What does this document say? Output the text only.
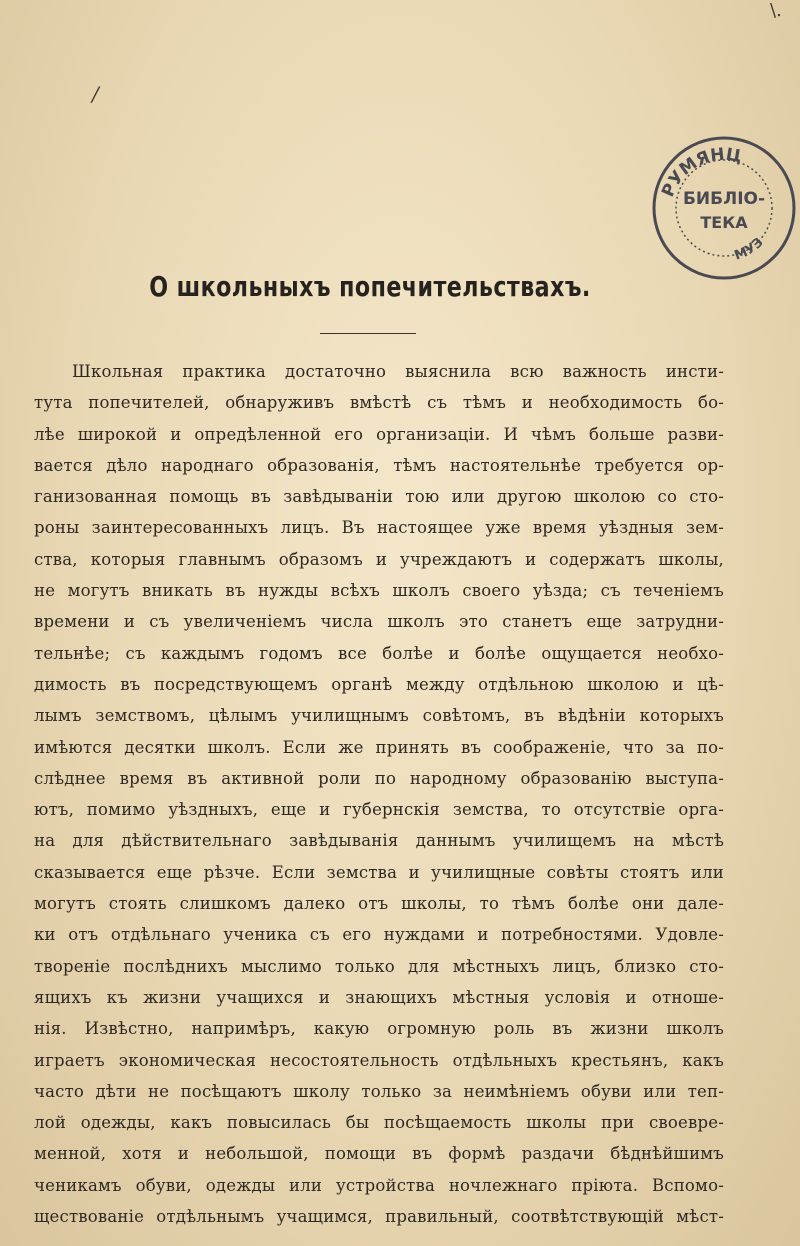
\.
/
РУМЯНЦ
МУЗ
БИБЛІО-
ТЕКА
О школьныхъ попечительствахъ.
Школьная практика достаточно выяснила всю важность инсти-
тута попечителей, обнаруживъ вмѣстѣ съ тѣмъ и необходимость бо-
лѣе широкой и опредѣленной его организаціи. И чѣмъ больше разви-
вается дѣло народнаго образованія, тѣмъ настоятельнѣе требуется ор-
ганизованная помощь въ завѣдываніи тою или другою школою со сто-
роны заинтересованныхъ лицъ. Въ настоящее уже время уѣздныя зем-
ства, которыя главнымъ образомъ и учреждаютъ и содержатъ школы,
не могутъ вникать въ нужды всѣхъ школъ своего уѣзда; съ теченіемъ
времени и съ увеличеніемъ числа школъ это станетъ еще затрудни-
тельнѣе; съ каждымъ годомъ все болѣе и болѣе ощущается необхо-
димость въ посредствующемъ органѣ между отдѣльною школою и цѣ-
лымъ земствомъ, цѣлымъ училищнымъ совѣтомъ, въ вѣдѣніи которыхъ
имѣются десятки школъ. Если же принять въ соображеніе, что за по-
слѣднее время въ активной роли по народному образованію выступа-
ютъ, помимо уѣздныхъ, еще и губернскія земства, то отсутствіе орга-
на для дѣйствительнаго завѣдыванія даннымъ училищемъ на мѣстѣ
сказывается еще рѣзче. Если земства и училищные совѣты стоятъ или
могутъ стоять слишкомъ далеко отъ школы, то тѣмъ болѣе они дале-
ки отъ отдѣльнаго ученика съ его нуждами и потребностями. Удовле-
твореніе послѣднихъ мыслимо только для мѣстныхъ лицъ, близко сто-
ящихъ къ жизни учащихся и знающихъ мѣстныя условія и отноше-
нія. Извѣстно, напримѣръ, какую огромную роль въ жизни школъ
играетъ экономическая несостоятельность отдѣльныхъ крестьянъ, какъ
часто дѣти не посѣщаютъ школу только за неимѣніемъ обуви или теп-
лой одежды, какъ повысилась бы посѣщаемость школы при своевре-
менной, хотя и небольшой, помощи въ формѣ раздачи бѣднѣйшимъ
ченикамъ обуви, одежды или устройства ночлежнаго пріюта. Вспомо-
ществованіе отдѣльнымъ учащимся, правильный, соотвѣтствующій мѣст-
